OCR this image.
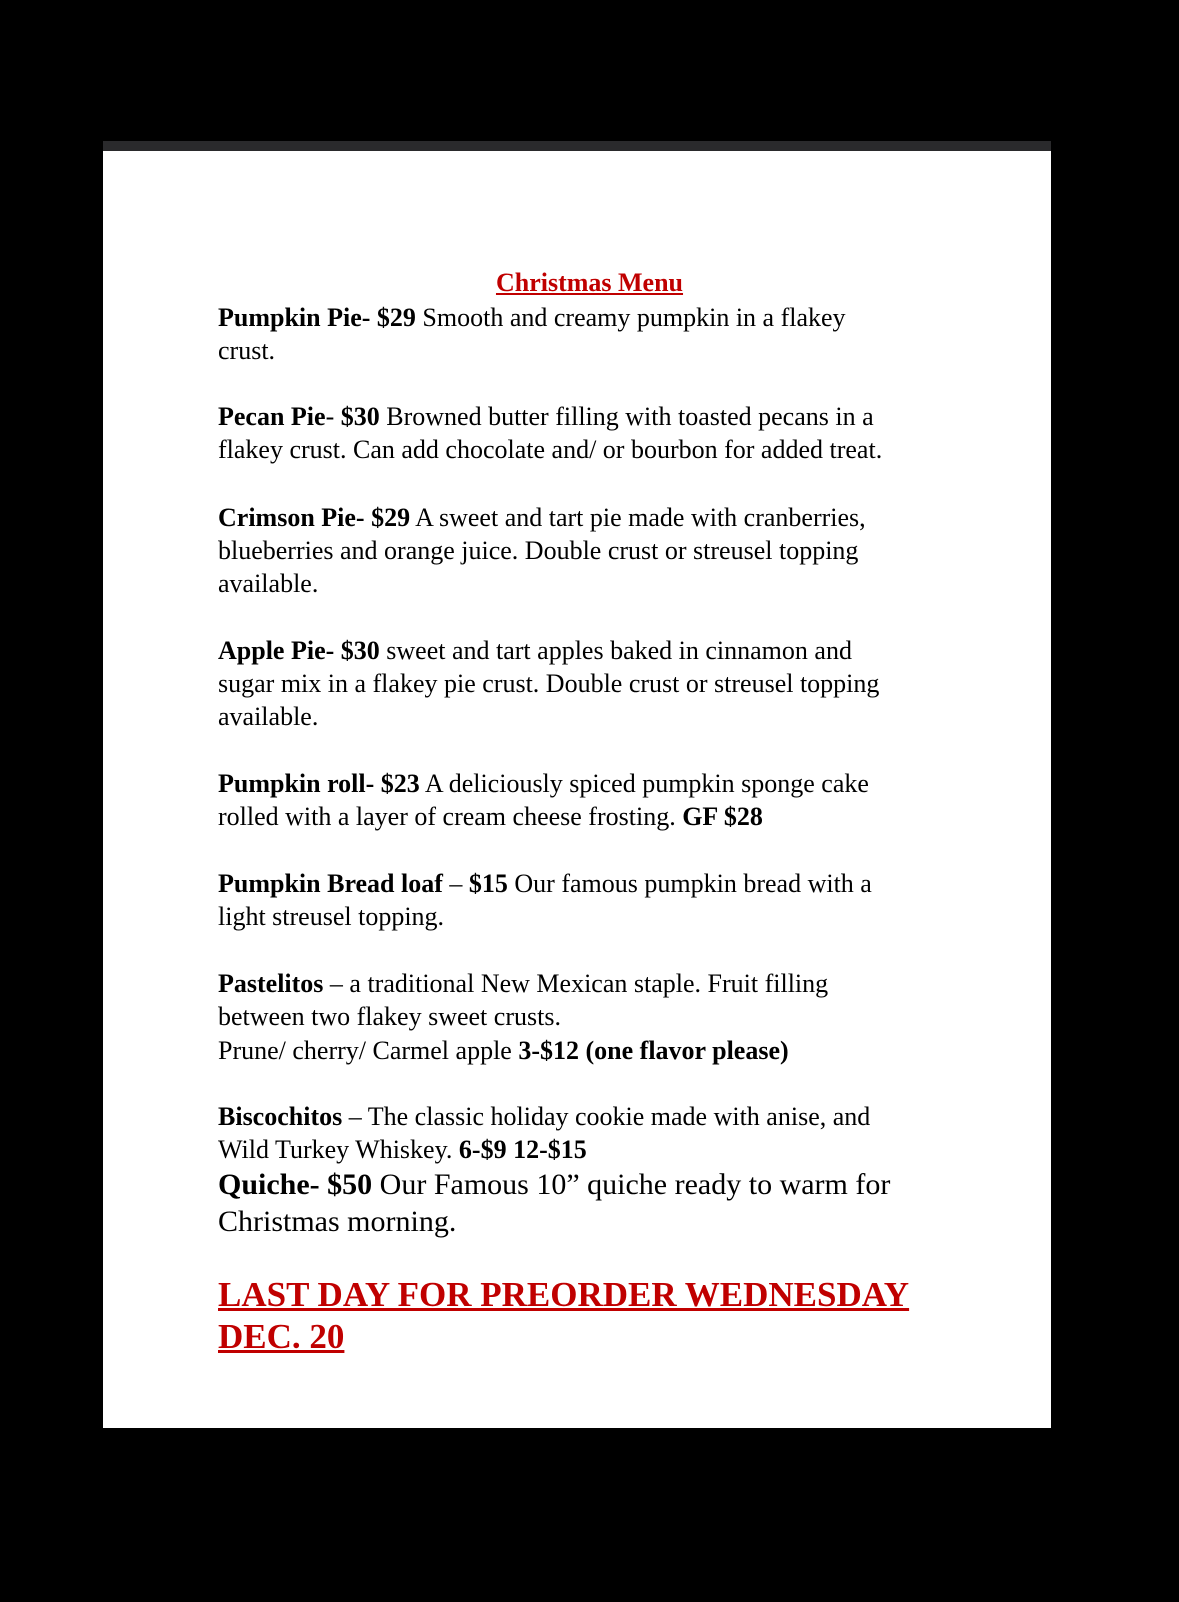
Christmas Menu
Pumpkin Pie- $29 Smooth and creamy pumpkin in a flakey
crust.
Pecan Pie- $30 Browned butter filling with toasted pecans in a
flakey crust. Can add chocolate and/ or bourbon for added treat.
Crimson Pie- $29 A sweet and tart pie made with cranberries,
blueberries and orange juice. Double crust or streusel topping
available.
Apple Pie- $30 sweet and tart apples baked in cinnamon and
sugar mix in a flakey pie crust. Double crust or streusel topping
available.
Pumpkin roll- $23 A deliciously spiced pumpkin sponge cake
rolled with a layer of cream cheese frosting. GF $28
Pumpkin Bread loaf – $15 Our famous pumpkin bread with a
light streusel topping.
Pastelitos – a traditional New Mexican staple. Fruit filling
between two flakey sweet crusts.
Prune/ cherry/ Carmel apple 3-$12 (one flavor please)
Biscochitos – The classic holiday cookie made with anise, and
Wild Turkey Whiskey. 6-$9 12-$15
Quiche- $50 Our Famous 10” quiche ready to warm for
Christmas morning.
LAST DAY FOR PREORDER WEDNESDAY
DEC. 20
